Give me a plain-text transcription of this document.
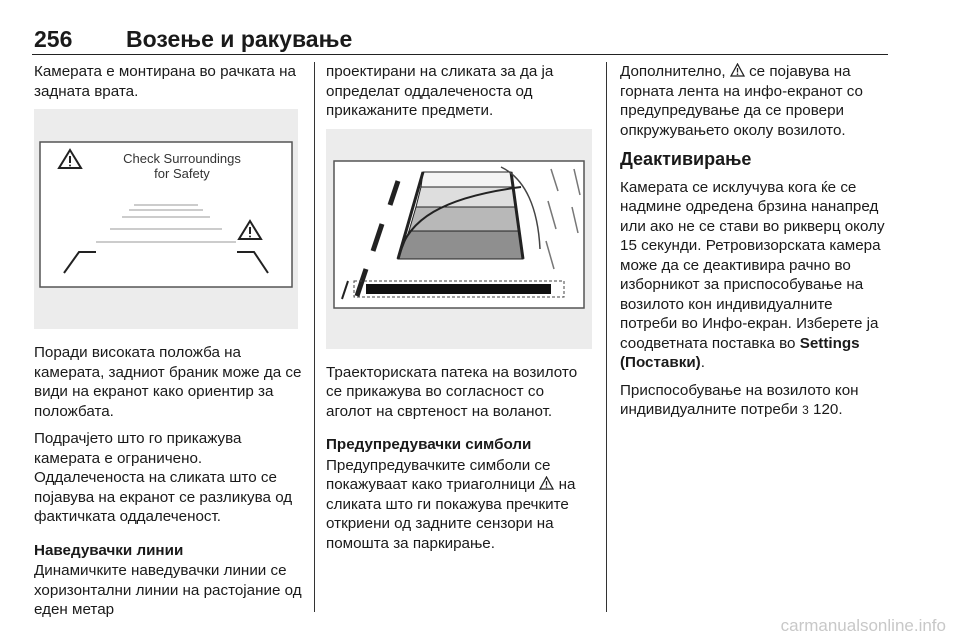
256 Возење и ракување

Камерата е монтирана во рачката на задната врата.

Check Surroundings
for Safety

Поради високата положба на камерата, задниот браник може да се види на екранот како ориентир за положбата.

Подрачјето што го прикажува камерата е ограничено. Оддалеченоста на сликата што се појавува на екранот се разликува од фактичката оддалеченост.

Наведувачки линии

Динамичките наведувачки линии се хоризонтални линии на растојание од еден метар

проектирани на сликата за да ја определат оддалеченоста од прикажаните предмети.

Траекториската патека на возилото се прикажува во согласност со аголот на свртеност на воланот.

Предупредувачки симболи

Предупредувачките симболи се покажуваат како триаголници  на сликата што ги покажува пречките откриени од задните сензори на помошта за паркирање.

Дополнително,  се појавува на горната лента на инфо-екранот со предупредување да се провери опкружувањето околу возилото.

Деактивирање

Камерата се исклучува кога ќе се надмине одредена брзина нанапред или ако не се стави во рикверц околу 15 секунди. Ретровизорската камера може да се деактивира рачно во изборникот за приспособување на возилото кон индивидуалните потреби во Инфо-екран. Изберете ја соодветната поставка во Settings (Поставки).

Приспособување на возилото кон индивидуалните потреби 3 120.

carmanualsonline.info
